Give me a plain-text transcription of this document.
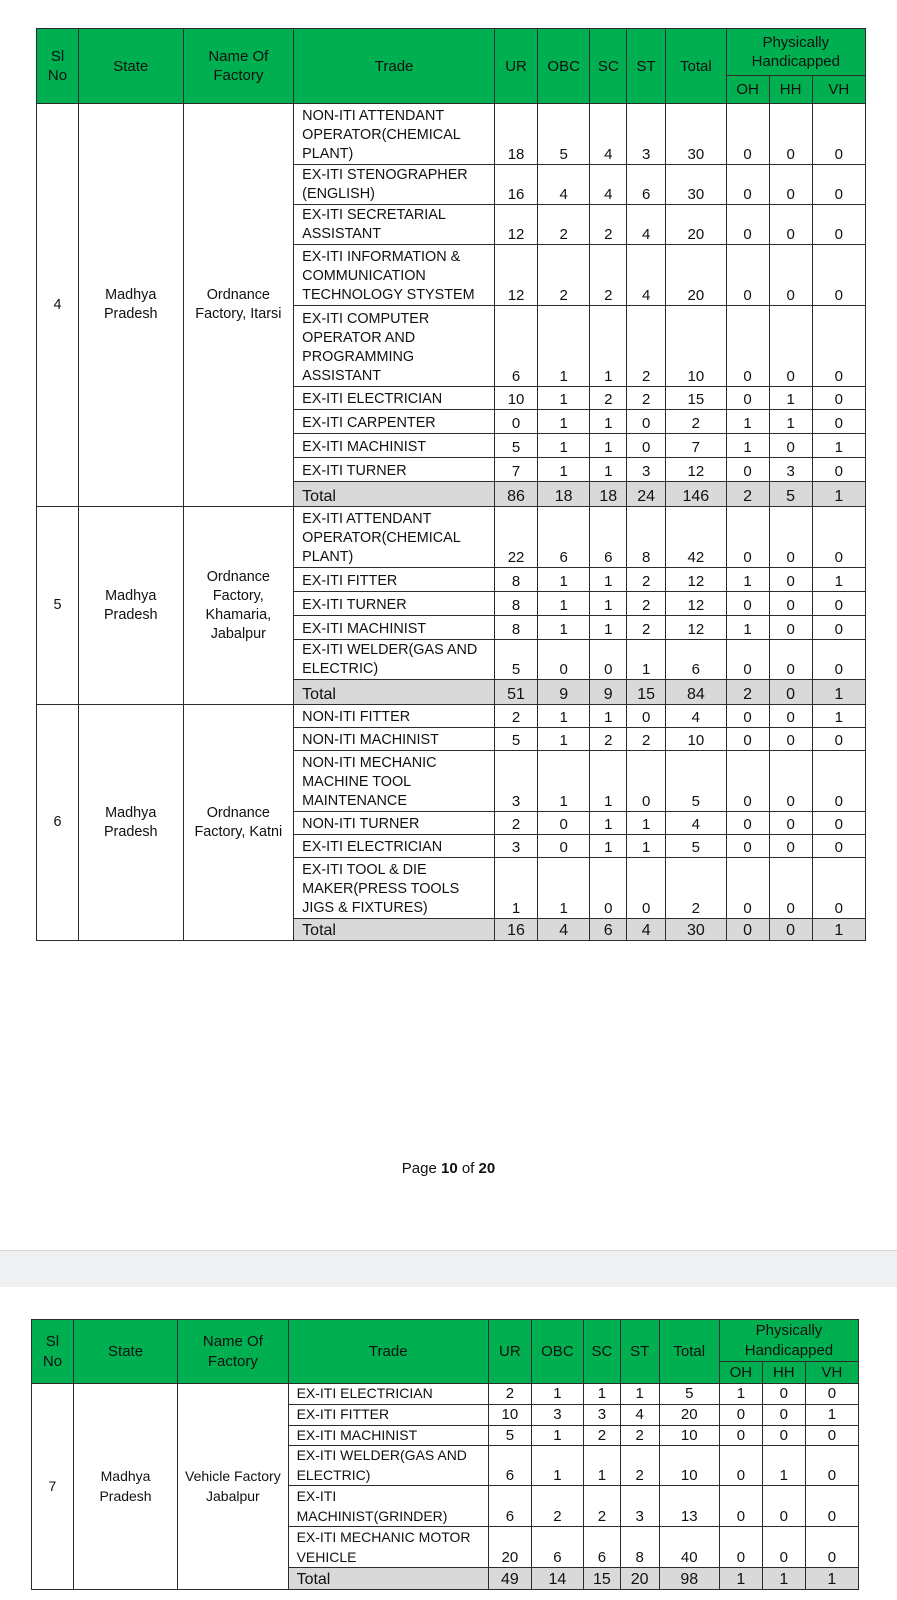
Sl No	State	Name Of Factory	Trade	UR	OBC	SC	ST	Total	Physically Handicapped		
									OH	HH	VH
4	Madhya Pradesh	Ordnance Factory, Itarsi	NON-ITI ATTENDANT OPERATOR(CHEMICAL PLANT)	18	5	4	3	30	0	0	0
			EX-ITI STENOGRAPHER (ENGLISH)	16	4	4	6	30	0	0	0
			EX-ITI SECRETARIAL ASSISTANT	12	2	2	4	20	0	0	0
			EX-ITI INFORMATION & COMMUNICATION TECHNOLOGY STYSTEM	12	2	2	4	20	0	0	0
			EX-ITI COMPUTER OPERATOR AND PROGRAMMING ASSISTANT	6	1	1	2	10	0	0	0
			EX-ITI ELECTRICIAN	10	1	2	2	15	0	1	0
			EX-ITI CARPENTER	0	1	1	0	2	1	1	0
			EX-ITI MACHINIST	5	1	1	0	7	1	0	1
			EX-ITI TURNER	7	1	1	3	12	0	3	0
			Total	86	18	18	24	146	2	5	1
5	Madhya Pradesh	Ordnance Factory, Khamaria, Jabalpur	EX-ITI ATTENDANT OPERATOR(CHEMICAL PLANT)	22	6	6	8	42	0	0	0
			EX-ITI FITTER	8	1	1	2	12	1	0	1
			EX-ITI TURNER	8	1	1	2	12	0	0	0
			EX-ITI MACHINIST	8	1	1	2	12	1	0	0
			EX-ITI WELDER(GAS AND ELECTRIC)	5	0	0	1	6	0	0	0
			Total	51	9	9	15	84	2	0	1
6	Madhya Pradesh	Ordnance Factory, Katni	NON-ITI FITTER	2	1	1	0	4	0	0	1
			NON-ITI MACHINIST	5	1	2	2	10	0	0	0
			NON-ITI MECHANIC MACHINE TOOL MAINTENANCE	3	1	1	0	5	0	0	0
			NON-ITI TURNER	2	0	1	1	4	0	0	0
			EX-ITI ELECTRICIAN	3	0	1	1	5	0	0	0
			EX-ITI TOOL & DIE MAKER(PRESS TOOLS JIGS & FIXTURES)	1	1	0	0	2	0	0	0
			Total	16	4	6	4	30	0	0	1
Page 10 of 20
Sl No	State	Name Of Factory	Trade	UR	OBC	SC	ST	Total	Physically Handicapped		
									OH	HH	VH
7	Madhya Pradesh	Vehicle Factory Jabalpur	EX-ITI ELECTRICIAN	2	1	1	1	5	1	0	0
			EX-ITI FITTER	10	3	3	4	20	0	0	1
			EX-ITI MACHINIST	5	1	2	2	10	0	0	0
			EX-ITI WELDER(GAS AND ELECTRIC)	6	1	1	2	10	0	1	0
			EX-ITI MACHINIST(GRINDER)	6	2	2	3	13	0	0	0
			EX-ITI MECHANIC MOTOR VEHICLE	20	6	6	8	40	0	0	0
			Total	49	14	15	20	98	1	1	1
